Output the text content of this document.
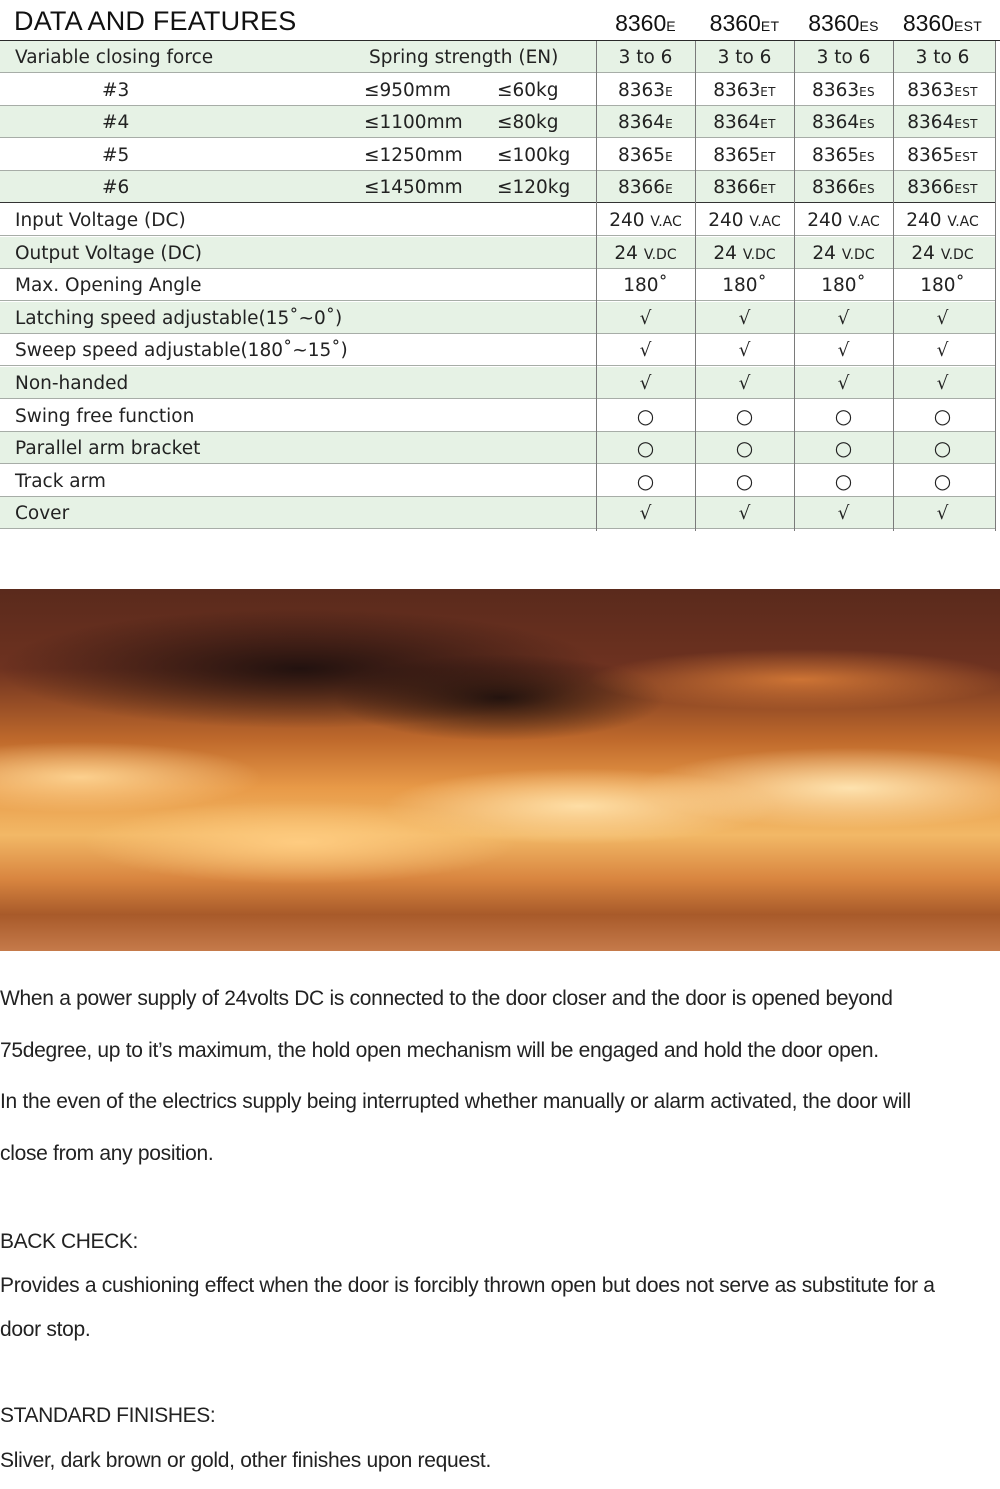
DATA AND FEATURES	8360E	8360ET	8360ES	8360EST
Variable closing force	Spring strength (EN)	3 to 6	3 to 6	3 to 6	3 to 6
#3	≤950mm ≤60kg	8363E	8363ET	8363ES	8363EST
#4	≤1100mm ≤80kg	8364E	8364ET	8364ES	8364EST
#5	≤1250mm ≤100kg	8365E	8365ET	8365ES	8365EST
#6	≤1450mm ≤120kg	8366E	8366ET	8366ES	8366EST
Input Voltage (DC)	240 V.AC	240 V.AC	240 V.AC	240 V.AC
Output Voltage (DC)	24 V.DC	24 V.DC	24 V.DC	24 V.DC
Max. Opening Angle	180˚	180˚	180˚	180˚
Latching speed adjustable(15˚~0˚)	√	√	√	√
Sweep speed adjustable(180˚~15˚)	√	√	√	√
Non-handed	√	√	√	√
Swing free function	○	○	○	○
Parallel arm bracket	○	○	○	○
Track arm	○	○	○	○
Cover	√	√	√	√
When a power supply of 24volts DC is connected to the door closer and the door is opened beyond
75degree, up to it’s maximum, the hold open mechanism will be engaged and hold the door open.
In the even of the electrics supply being interrupted whether manually or alarm activated, the door will
close from any position.
BACK CHECK:
Provides a cushioning effect when the door is forcibly thrown open but does not serve as substitute for a
door stop.
STANDARD FINISHES:
Sliver, dark brown or gold, other finishes upon request.
